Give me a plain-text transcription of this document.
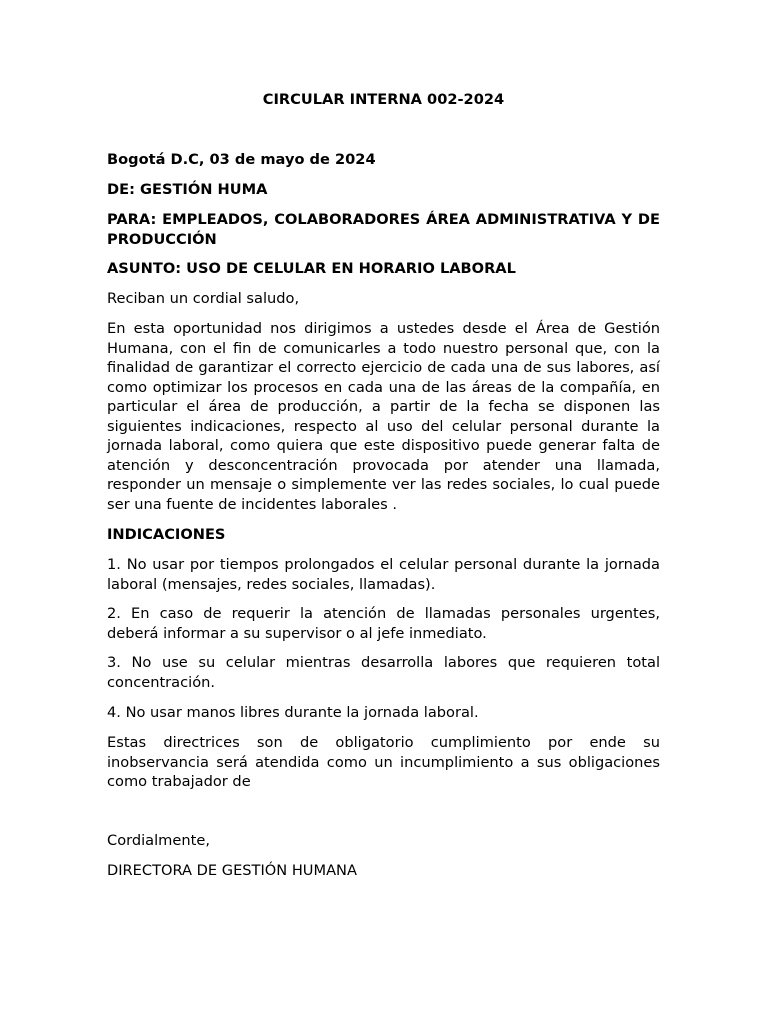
CIRCULAR INTERNA 002-2024

Bogotá D.C, 03 de mayo de 2024

DE: GESTIÓN HUMA

PARA: EMPLEADOS, COLABORADORES ÁREA ADMINISTRATIVA Y DE PRODUCCIÓN

ASUNTO: USO DE CELULAR EN HORARIO LABORAL

Reciban un cordial saludo,

En esta oportunidad nos dirigimos a ustedes desde el Área de Gestión Humana, con el fin de comunicarles a todo nuestro personal que, con la finalidad de garantizar el correcto ejercicio de cada una de sus labores, así como optimizar los procesos en cada una de las áreas de la compañía, en particular el área de producción, a partir de la fecha se disponen las siguientes indicaciones, respecto al uso del celular personal durante la jornada laboral, como quiera que este dispositivo puede generar falta de atención y desconcentración provocada por atender una llamada, responder un mensaje o simplemente ver las redes sociales, lo cual puede ser una fuente de incidentes laborales .

INDICACIONES

1. No usar por tiempos prolongados el celular personal durante la jornada laboral (mensajes, redes sociales, llamadas).

2. En caso de requerir la atención de llamadas personales urgentes, deberá informar a su supervisor o al jefe inmediato.

3. No use su celular mientras desarrolla labores que requieren total concentración.

4. No usar manos libres durante la jornada laboral.

Estas directrices son de obligatorio cumplimiento por ende su inobservancia será atendida como un incumplimiento a sus obligaciones como trabajador de

Cordialmente,

DIRECTORA DE GESTIÓN HUMANA
